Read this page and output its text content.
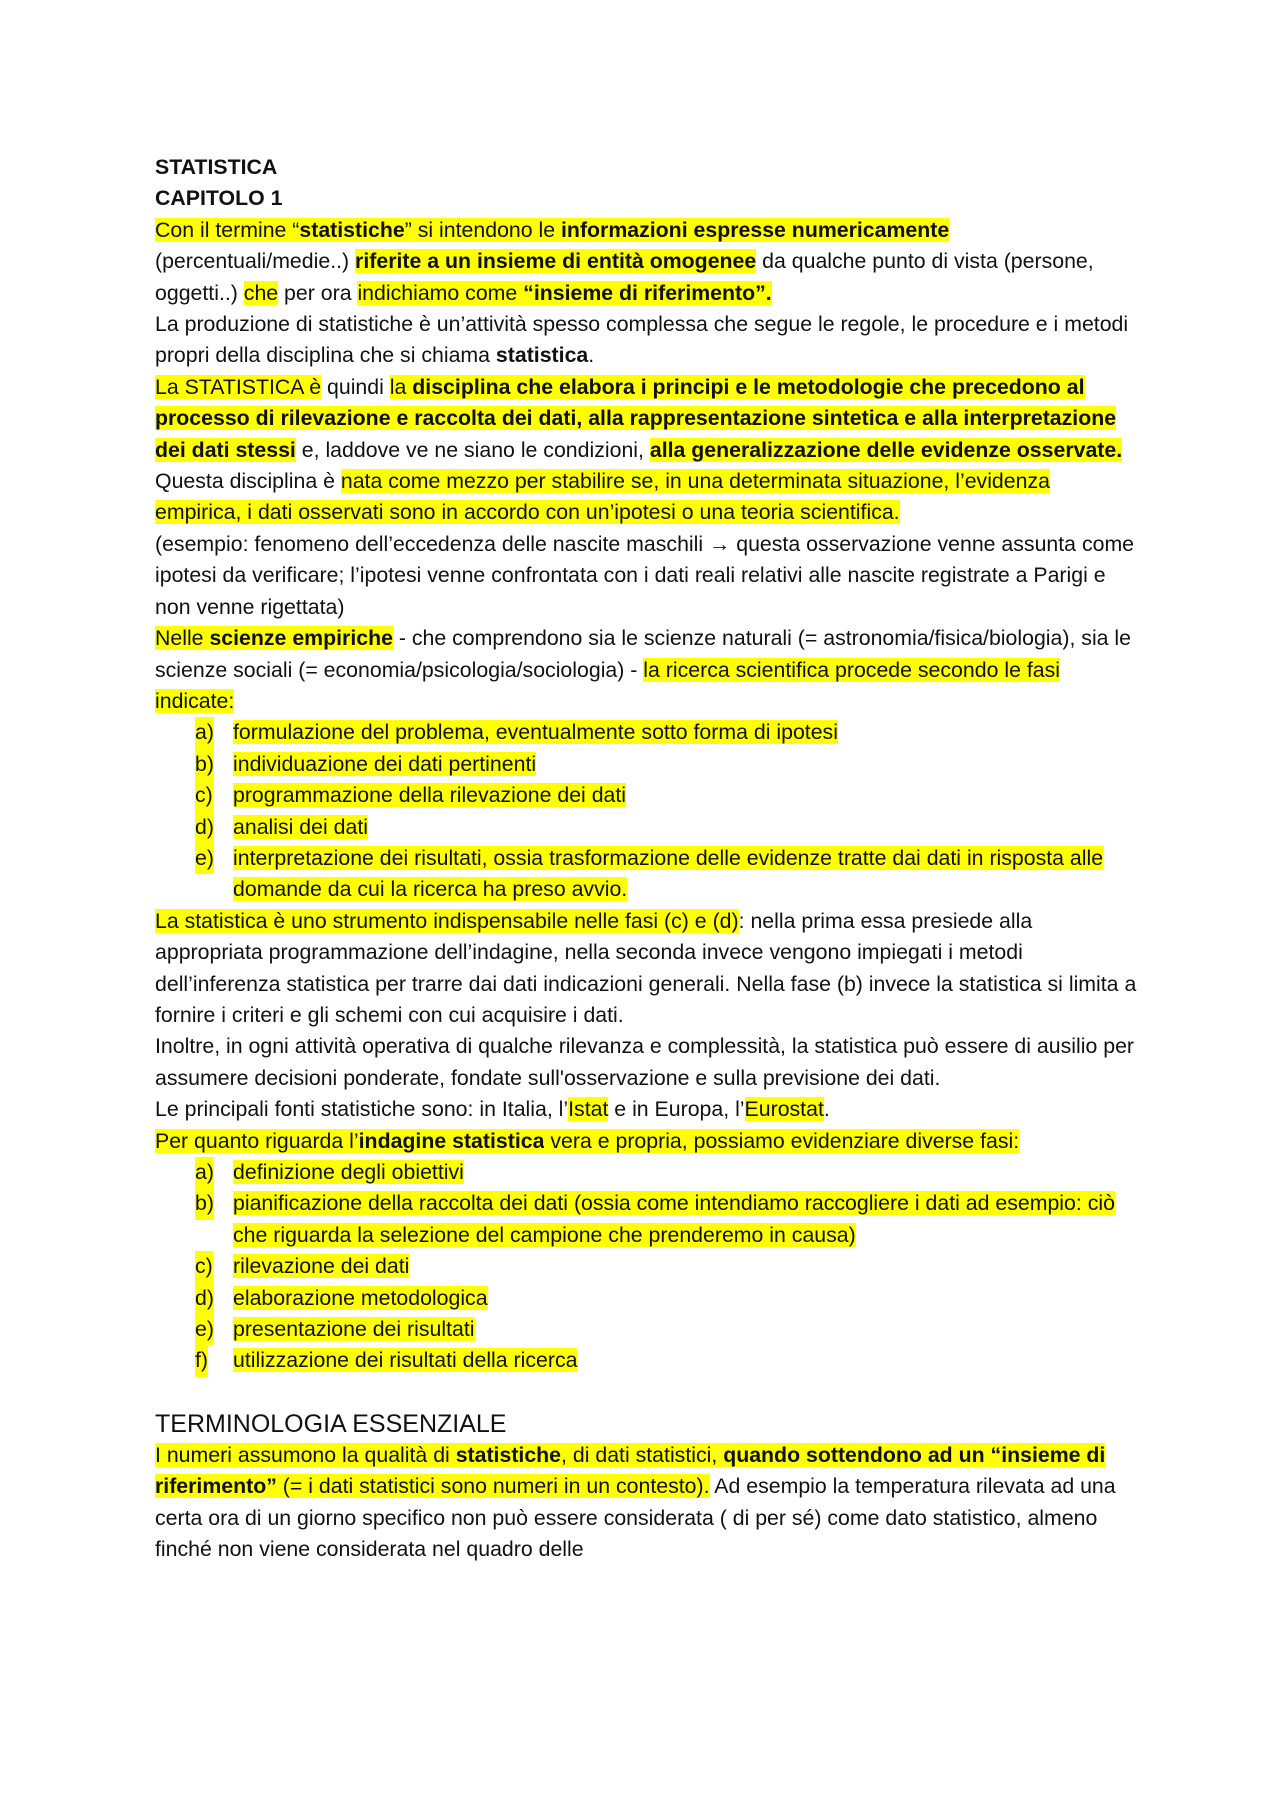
STATISTICA

CAPITOLO 1

Con il termine “statistiche” si intendono le informazioni espresse numericamente (percentuali/medie..) riferite a un insieme di entità omogenee da qualche punto di vista (persone, oggetti..) che per ora indichiamo come “insieme di riferimento”.

La produzione di statistiche è un’attività spesso complessa che segue le regole, le procedure e i metodi propri della disciplina che si chiama statistica.

La STATISTICA è quindi la disciplina che elabora i principi e le metodologie che precedono al processo di rilevazione e raccolta dei dati, alla rappresentazione sintetica e alla interpretazione dei dati stessi e, laddove ve ne siano le condizioni, alla generalizzazione delle evidenze osservate.

Questa disciplina è nata come mezzo per stabilire se, in una determinata situazione, l’evidenza empirica, i dati osservati sono in accordo con un’ipotesi o una teoria scientifica.

(esempio: fenomeno dell’eccedenza delle nascite maschili → questa osservazione venne assunta come ipotesi da verificare; l’ipotesi venne confrontata con i dati reali relativi alle nascite registrate a Parigi e non venne rigettata)

Nelle scienze empiriche - che comprendono sia le scienze naturali (= astronomia/fisica/biologia), sia le scienze sociali (= economia/psicologia/sociologia) - la ricerca scientifica procede secondo le fasi indicate:

a) formulazione del problema, eventualmente sotto forma di ipotesi
b) individuazione dei dati pertinenti
c) programmazione della rilevazione dei dati
d) analisi dei dati
e) interpretazione dei risultati, ossia trasformazione delle evidenze tratte dai dati in risposta alle domande da cui la ricerca ha preso avvio.

La statistica è uno strumento indispensabile nelle fasi (c) e (d): nella prima essa presiede alla appropriata programmazione dell’indagine, nella seconda invece vengono impiegati i metodi dell’inferenza statistica per trarre dai dati indicazioni generali. Nella fase (b) invece la statistica si limita a fornire i criteri e gli schemi con cui acquisire i dati.

Inoltre, in ogni attività operativa di qualche rilevanza e complessità, la statistica può essere di ausilio per assumere decisioni ponderate, fondate sull'osservazione e sulla previsione dei dati.

Le principali fonti statistiche sono: in Italia, l’Istat e in Europa, l’Eurostat.

Per quanto riguarda l’indagine statistica vera e propria, possiamo evidenziare diverse fasi:

a) definizione degli obiettivi
b) pianificazione della raccolta dei dati (ossia come intendiamo raccogliere i dati ad esempio: ciò che riguarda la selezione del campione che prenderemo in causa)
c) rilevazione dei dati
d) elaborazione metodologica
e) presentazione dei risultati
f) utilizzazione dei risultati della ricerca
TERMINOLOGIA ESSENZIALE

I numeri assumono la qualità di statistiche, di dati statistici, quando sottendono ad un “insieme di riferimento” (= i dati statistici sono numeri in un contesto). Ad esempio la temperatura rilevata ad una certa ora di un giorno specifico non può essere considerata ( di per sé) come dato statistico, almeno finché non viene considerata nel quadro delle
